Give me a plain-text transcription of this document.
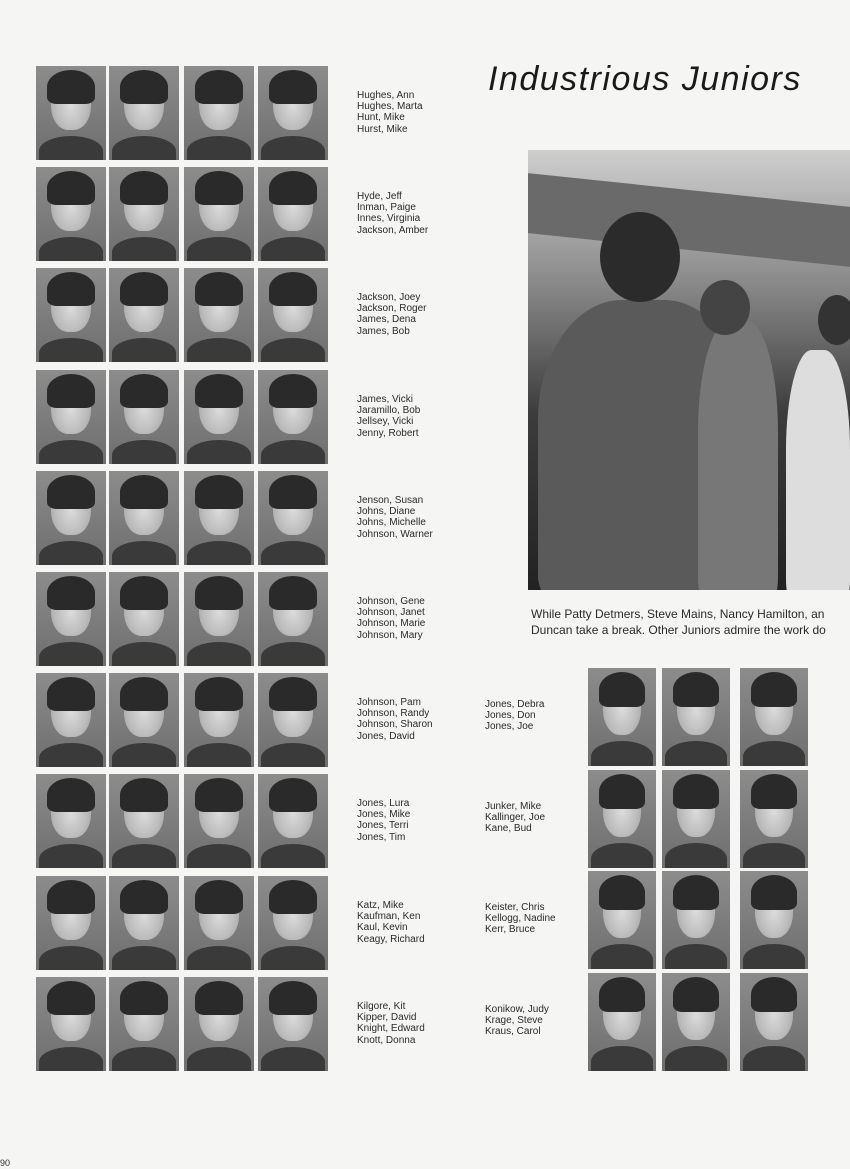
Industrious Juniors
While Patty Detmers, Steve Mains, Nancy Hamilton, an
Duncan take a break. Other Juniors admire the work do
Hughes, Ann
Hughes, Marta
Hunt, Mike
Hurst, Mike
Hyde, Jeff
Inman, Paige
Innes, Virginia
Jackson, Amber
Jackson, Joey
Jackson, Roger
James, Dena
James, Bob
James, Vicki
Jaramillo, Bob
Jellsey, Vicki
Jenny, Robert
Jenson, Susan
Johns, Diane
Johns, Michelle
Johnson, Warner
Johnson, Gene
Johnson, Janet
Johnson, Marie
Johnson, Mary
Johnson, Pam
Johnson, Randy
Johnson, Sharon
Jones, David
Jones, Lura
Jones, Mike
Jones, Terri
Jones, Tim
Katz, Mike
Kaufman, Ken
Kaul, Kevin
Keagy, Richard
Kilgore, Kit
Kipper, David
Knight, Edward
Knott, Donna
Jones, Debra
Jones, Don
Jones, Joe
Junker, Mike
Kallinger, Joe
Kane, Bud
Keister, Chris
Kellogg, Nadine
Kerr, Bruce
Konikow, Judy
Krage, Steve
Kraus, Carol
90
